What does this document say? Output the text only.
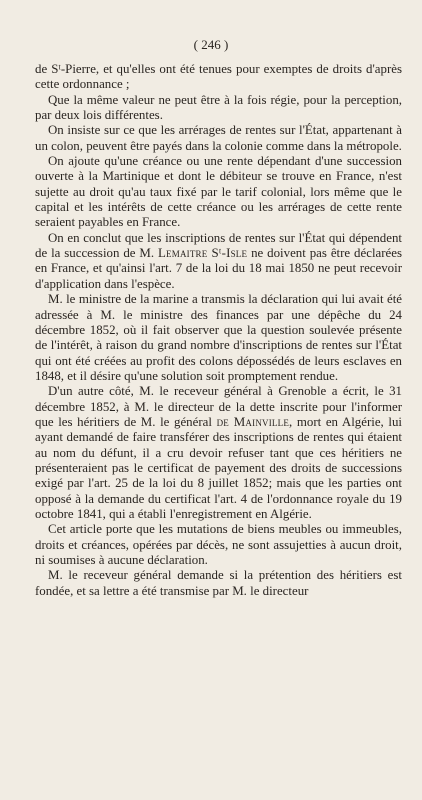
( 246 )

de Sᵗ-Pierre, et qu'elles ont été tenues pour exemptes de droits d'après cette ordonnance ;

Que la même valeur ne peut être à la fois régie, pour la perception, par deux lois différentes.

On insiste sur ce que les arrérages de rentes sur l'État, appartenant à un colon, peuvent être payés dans la colonie comme dans la métropole.

On ajoute qu'une créance ou une rente dépendant d'une succession ouverte à la Martinique et dont le débiteur se trouve en France, n'est sujette au droit qu'au taux fixé par le tarif colonial, lors même que le capital et les intérêts de cette créance ou les arrérages de cette rente seraient payables en France.

On en conclut que les inscriptions de rentes sur l'État qui dépendent de la succession de M. Lemaitre Sᵗ-Isle ne doivent pas être déclarées en France, et qu'ainsi l'art. 7 de la loi du 18 mai 1850 ne peut recevoir d'application dans l'espèce.

M. le ministre de la marine a transmis la déclaration qui lui avait été adressée à M. le ministre des finances par une dépêche du 24 décembre 1852, où il fait observer que la question soulevée présente de l'intérêt, à raison du grand nombre d'inscriptions de rentes sur l'État qui ont été créées au profit des colons dépossédés de leurs esclaves en 1848, et il désire qu'une solution soit promptement rendue.

D'un autre côté, M. le receveur général à Grenoble a écrit, le 31 décembre 1852, à M. le directeur de la dette inscrite pour l'informer que les héritiers de M. le général de Mainville, mort en Algérie, lui ayant demandé de faire transférer des inscriptions de rentes qui étaient au nom du défunt, il a cru devoir refuser tant que ces héritiers ne présenteraient pas le certificat de payement des droits de successions exigé par l'art. 25 de la loi du 8 juillet 1852; mais que les parties ont opposé à la demande du certificat l'art. 4 de l'ordonnance royale du 19 octobre 1841, qui a établi l'enregistrement en Algérie.

Cet article porte que les mutations de biens meubles ou immeubles, droits et créances, opérées par décès, ne sont assujetties à aucun droit, ni soumises à aucune déclaration.

M. le receveur général demande si la prétention des héritiers est fondée, et sa lettre a été transmise par M. le directeur
